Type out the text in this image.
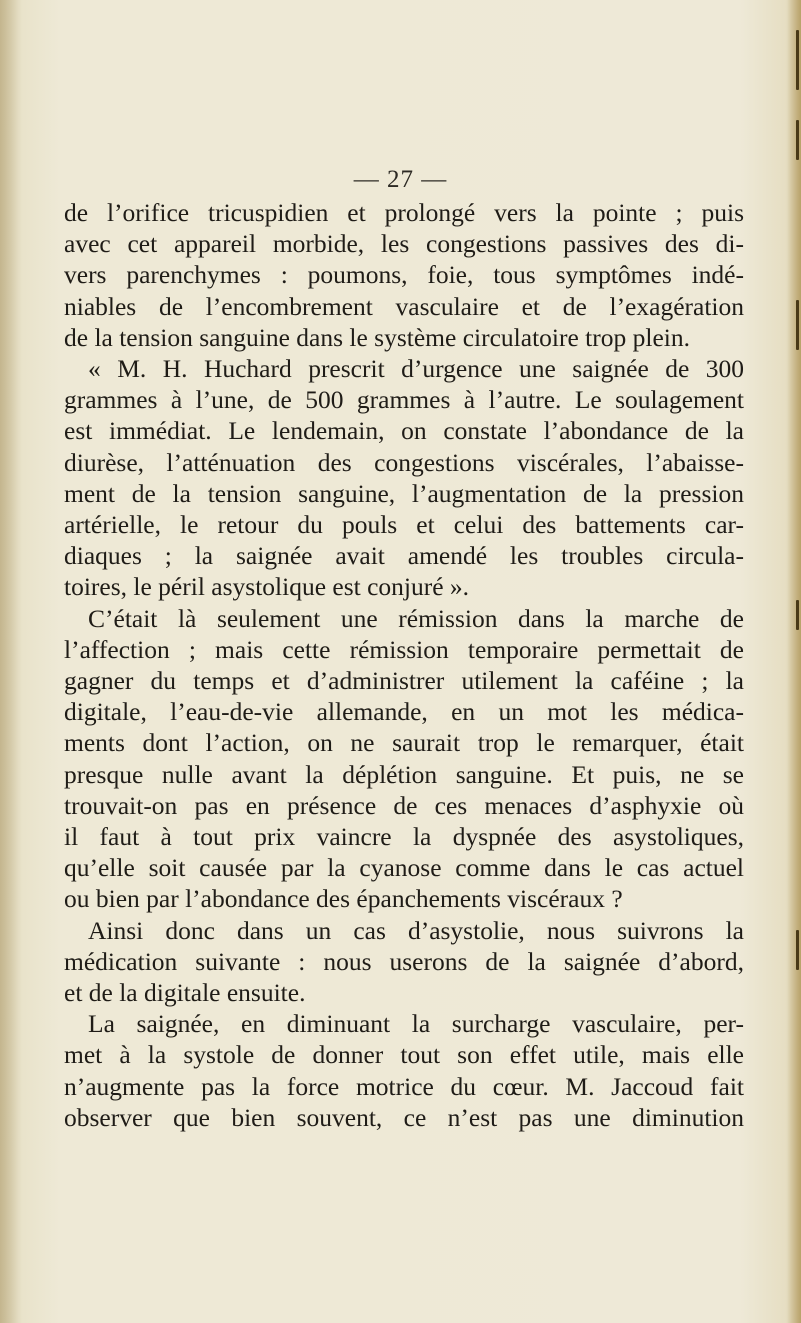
— 27 —
de l’orifice tricuspidien et prolongé vers la pointe ; puis
avec cet appareil morbide, les congestions passives des di-
vers parenchymes : poumons, foie, tous symptômes indé-
niables de l’encombrement vasculaire et de l’exagération
de la tension sanguine dans le système circulatoire trop plein.
« M. H. Huchard prescrit d’urgence une saignée de 300
grammes à l’une, de 500 grammes à l’autre. Le soulagement
est immédiat. Le lendemain, on constate l’abondance de la
diurèse, l’atténuation des congestions viscérales, l’abaisse-
ment de la tension sanguine, l’augmentation de la pression
artérielle, le retour du pouls et celui des battements car-
diaques ; la saignée avait amendé les troubles circula-
toires, le péril asystolique est conjuré ».
C’était là seulement une rémission dans la marche de
l’affection ; mais cette rémission temporaire permettait de
gagner du temps et d’administrer utilement la caféine ; la
digitale, l’eau-de-vie allemande, en un mot les médica-
ments dont l’action, on ne saurait trop le remarquer, était
presque nulle avant la déplétion sanguine. Et puis, ne se
trouvait-on pas en présence de ces menaces d’asphyxie où
il faut à tout prix vaincre la dyspnée des asystoliques,
qu’elle soit causée par la cyanose comme dans le cas actuel
ou bien par l’abondance des épanchements viscéraux ?
Ainsi donc dans un cas d’asystolie, nous suivrons la
médication suivante : nous userons de la saignée d’abord,
et de la digitale ensuite.
La saignée, en diminuant la surcharge vasculaire, per-
met à la systole de donner tout son effet utile, mais elle
n’augmente pas la force motrice du cœur. M. Jaccoud fait
observer que bien souvent, ce n’est pas une diminution
